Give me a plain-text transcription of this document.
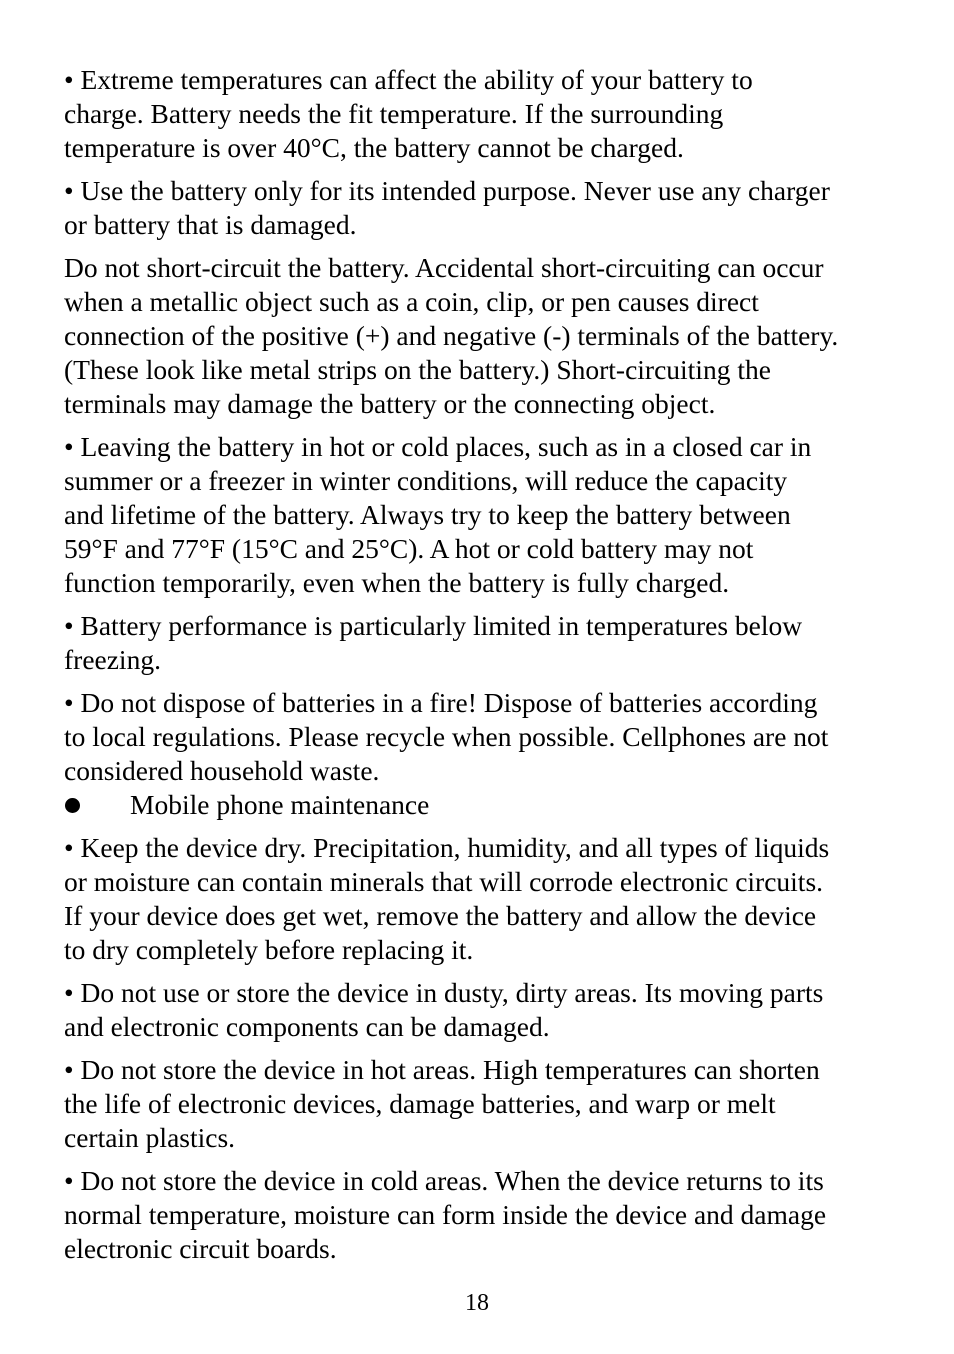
• Extreme temperatures can affect the ability of your battery to
charge. Battery needs the fit temperature. If the surrounding
temperature is over 40°C, the battery cannot be charged.

• Use the battery only for its intended purpose. Never use any charger
or battery that is damaged.

Do not short-circuit the battery. Accidental short-circuiting can occur
when a metallic object such as a coin, clip, or pen causes direct
connection of the positive (+) and negative (-) terminals of the battery.
(These look like metal strips on the battery.) Short-circuiting the
terminals may damage the battery or the connecting object.

• Leaving the battery in hot or cold places, such as in a closed car in
summer or a freezer in winter conditions, will reduce the capacity
and lifetime of the battery. Always try to keep the battery between
59°F and 77°F (15°C and 25°C). A hot or cold battery may not
function temporarily, even when the battery is fully charged.

• Battery performance is particularly limited in temperatures below
freezing.

• Do not dispose of batteries in a fire! Dispose of batteries according
to local regulations. Please recycle when possible. Cellphones are not
considered household waste.

Mobile phone maintenance

• Keep the device dry. Precipitation, humidity, and all types of liquids
or moisture can contain minerals that will corrode electronic circuits.
If your device does get wet, remove the battery and allow the device
to dry completely before replacing it.

• Do not use or store the device in dusty, dirty areas. Its moving parts
and electronic components can be damaged.

• Do not store the device in hot areas. High temperatures can shorten
the life of electronic devices, damage batteries, and warp or melt
certain plastics.

• Do not store the device in cold areas. When the device returns to its
normal temperature, moisture can form inside the device and damage
electronic circuit boards.

18
